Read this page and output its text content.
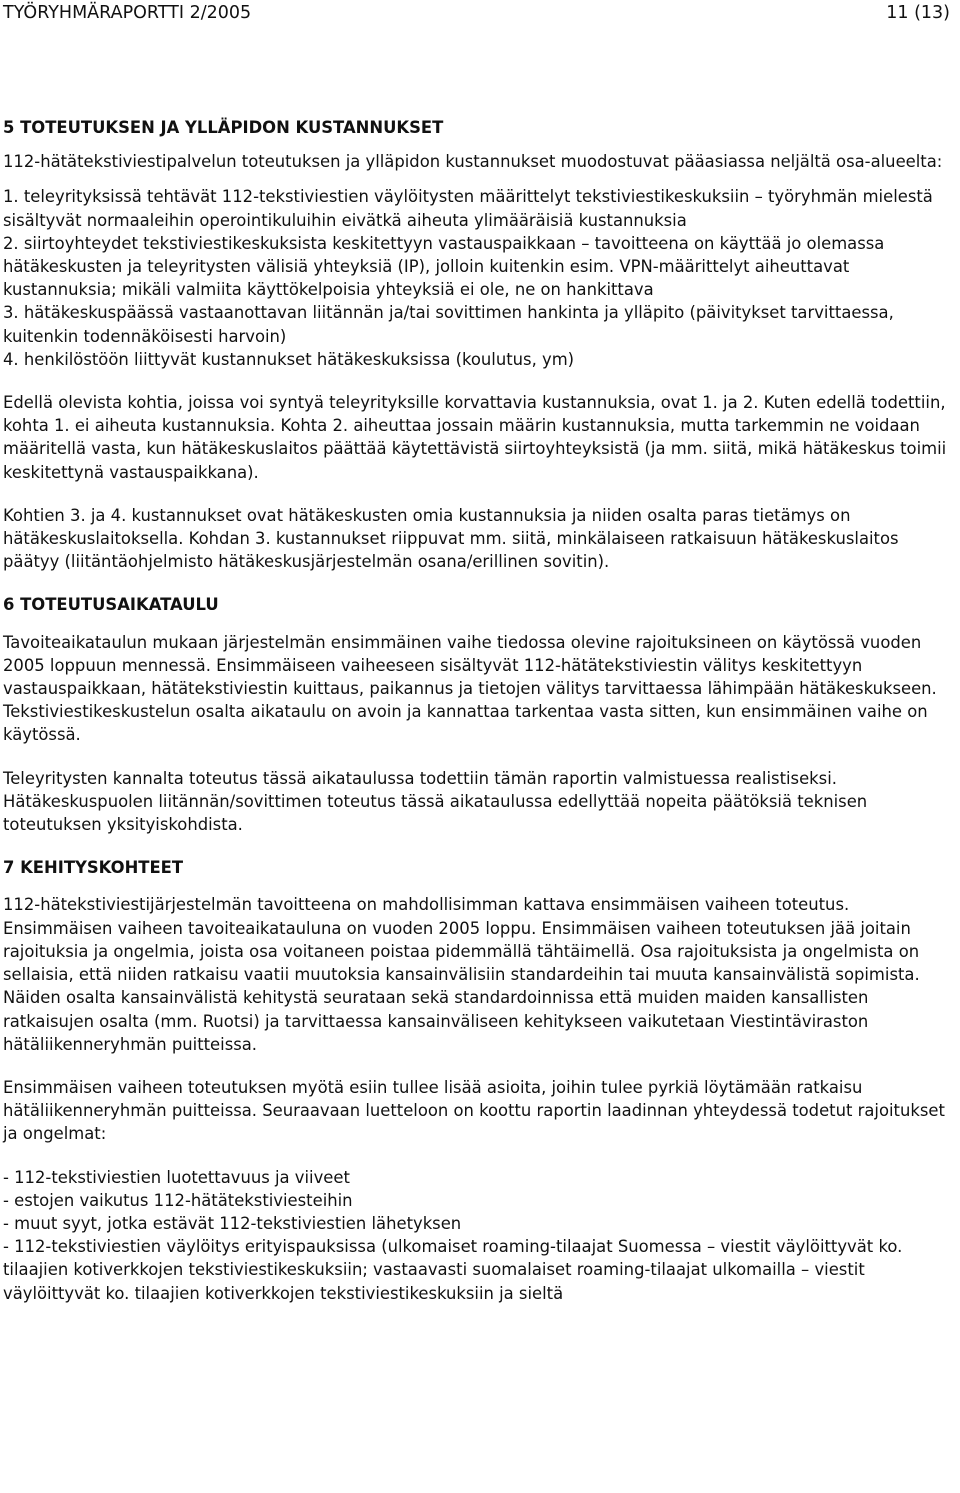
TYÖRYHMÄRAPORTTI 2/2005	11 (13)
5 TOTEUTUKSEN JA YLLÄPIDON KUSTANNUKSET

112-hätätekstiviestipalvelun toteutuksen ja ylläpidon kustannukset muodostuvat pääasiassa neljältä osa-alueelta:

1. teleyrityksissä tehtävät 112-tekstiviestien väylöitysten määrittelyt tekstiviestikeskuksiin – työryhmän mielestä sisältyvät normaaleihin operointikuluihin eivätkä aiheuta ylimääräisiä kustannuksia
2. siirtoyhteydet tekstiviestikeskuksista keskitettyyn vastauspaikkaan – tavoitteena on käyttää jo olemassa hätäkeskusten ja teleyritysten välisiä yhteyksiä (IP), jolloin kuitenkin esim. VPN-määrittelyt aiheuttavat kustannuksia; mikäli valmiita käyttökelpoisia yhteyksiä ei ole, ne on hankittava
3. hätäkeskuspäässä vastaanottavan liitännän ja/tai sovittimen hankinta ja ylläpito (päivitykset tarvittaessa, kuitenkin todennäköisesti harvoin)
4. henkilöstöön liittyvät kustannukset hätäkeskuksissa (koulutus, ym)

Edellä olevista kohtia, joissa voi syntyä teleyrityksille korvattavia kustannuksia, ovat 1. ja 2. Kuten edellä todettiin, kohta 1. ei aiheuta kustannuksia. Kohta 2. aiheuttaa jossain määrin kustannuksia, mutta tarkemmin ne voidaan määritellä vasta, kun hätäkeskuslaitos päättää käytettävistä siirtoyhteyksistä (ja mm. siitä, mikä hätäkeskus toimii keskitettynä vastauspaikkana).

Kohtien 3. ja 4. kustannukset ovat hätäkeskusten omia kustannuksia ja niiden osalta paras tietämys on hätäkeskuslaitoksella. Kohdan 3. kustannukset riippuvat mm. siitä, minkälaiseen ratkaisuun hätäkeskuslaitos päätyy (liitäntäohjelmisto hätäkeskusjärjestelmän osana/erillinen sovitin).

6 TOTEUTUSAIKATAULU

Tavoiteaikataulun mukaan järjestelmän ensimmäinen vaihe tiedossa olevine rajoituksineen on käytössä vuoden 2005 loppuun mennessä. Ensimmäiseen vaiheeseen sisältyvät 112-hätätekstiviestin välitys keskitettyyn vastauspaikkaan, hätätekstiviestin kuittaus, paikannus ja tietojen välitys tarvittaessa lähimpään hätäkeskukseen. Tekstiviestikeskustelun osalta aikataulu on avoin ja kannattaa tarkentaa vasta sitten, kun ensimmäinen vaihe on käytössä.

Teleyritysten kannalta toteutus tässä aikataulussa todettiin tämän raportin valmistuessa realistiseksi. Hätäkeskuspuolen liitännän/sovittimen toteutus tässä aikataulussa edellyttää nopeita päätöksiä teknisen toteutuksen yksityiskohdista.

7 KEHITYSKOHTEET

112-hätekstiviestijärjestelmän tavoitteena on mahdollisimman kattava ensimmäisen vaiheen toteutus. Ensimmäisen vaiheen tavoiteaikatauluna on vuoden 2005 loppu. Ensimmäisen vaiheen toteutuksen jää joitain rajoituksia ja ongelmia, joista osa voitaneen poistaa pidemmällä tähtäimellä. Osa rajoituksista ja ongelmista on sellaisia, että niiden ratkaisu vaatii muutoksia kansainvälisiin standardeihin tai muuta kansainvälistä sopimista. Näiden osalta kansainvälistä kehitystä seurataan sekä standardoinnissa että muiden maiden kansallisten ratkaisujen osalta (mm. Ruotsi) ja tarvittaessa kansainväliseen kehitykseen vaikutetaan Viestintäviraston hätäliikenneryhmän puitteissa.

Ensimmäisen vaiheen toteutuksen myötä esiin tullee lisää asioita, joihin tulee pyrkiä löytämään ratkaisu hätäliikenneryhmän puitteissa. Seuraavaan luetteloon on koottu raportin laadinnan yhteydessä todetut rajoitukset ja ongelmat:

- 112-tekstiviestien luotettavuus ja viiveet
- estojen vaikutus 112-hätätekstiviesteihin
- muut syyt, jotka estävät 112-tekstiviestien lähetyksen
- 112-tekstiviestien väylöitys erityispauksissa (ulkomaiset roaming-tilaajat Suomessa – viestit väylöittyvät ko. tilaajien kotiverkkojen tekstiviestikeskuksiin; vastaavasti suomalaiset roaming-tilaajat ulkomailla – viestit väylöittyvät ko. tilaajien kotiverkkojen tekstiviestikeskuksiin ja sieltä
